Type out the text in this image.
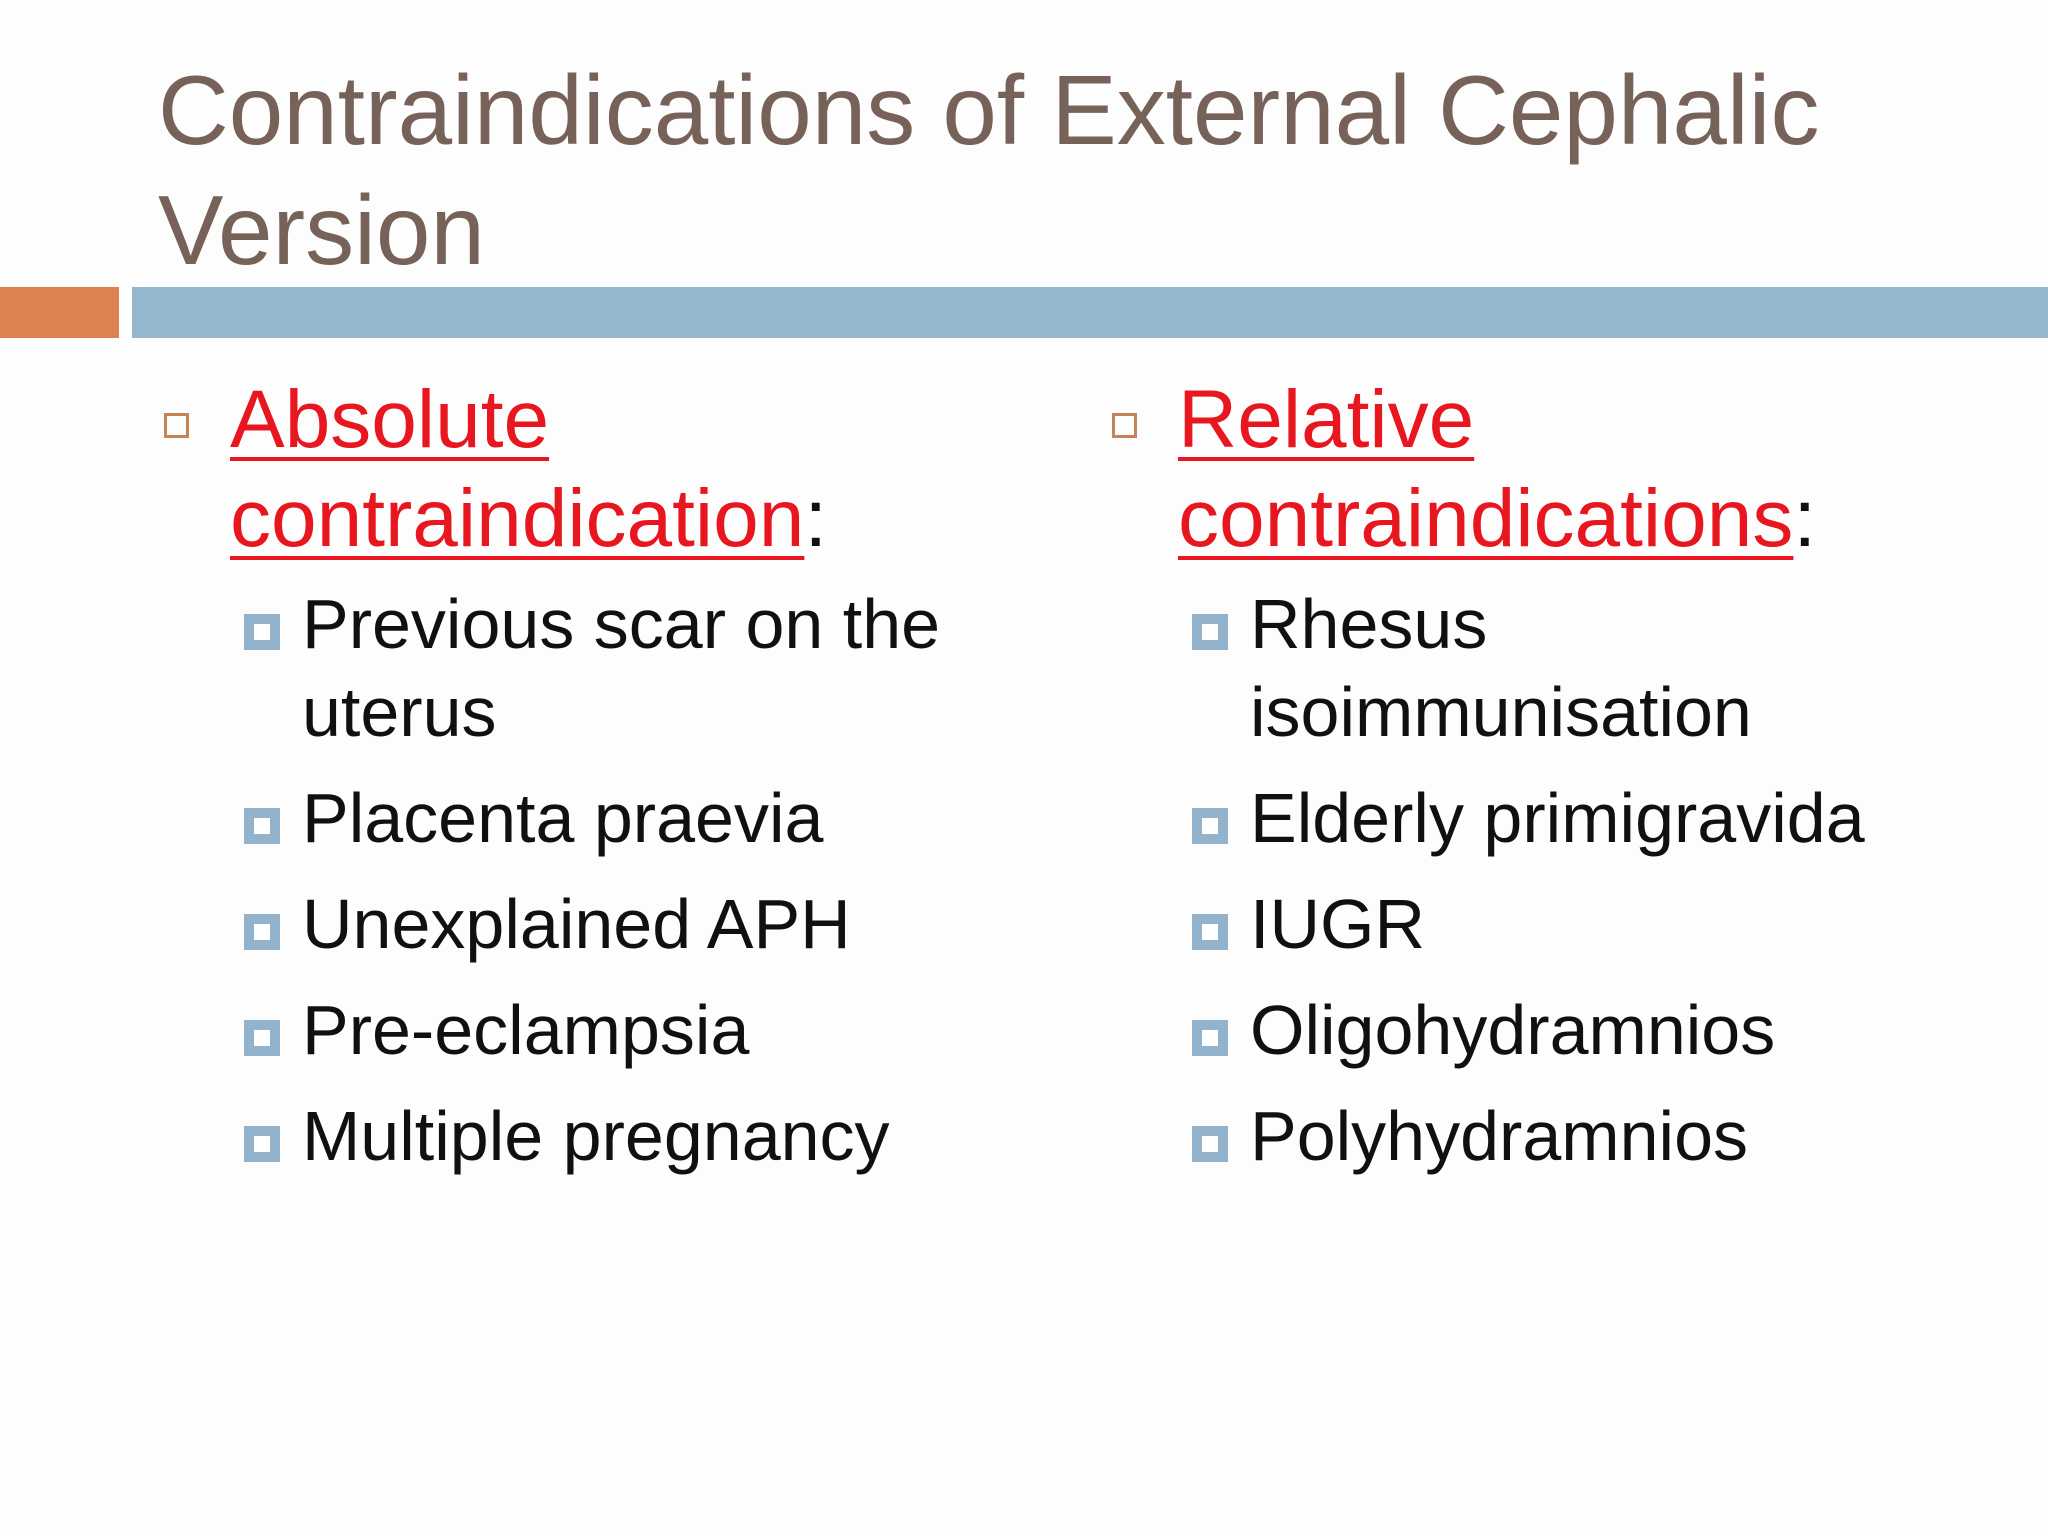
Contraindications of External Cephalic Version
Absolute contraindication:
Previous scar on the uterus
Placenta praevia
Unexplained APH
Pre-eclampsia
Multiple pregnancy
Relative contraindications:
Rhesus isoimmunisation
Elderly primigravida
IUGR
Oligohydramnios
Polyhydramnios
